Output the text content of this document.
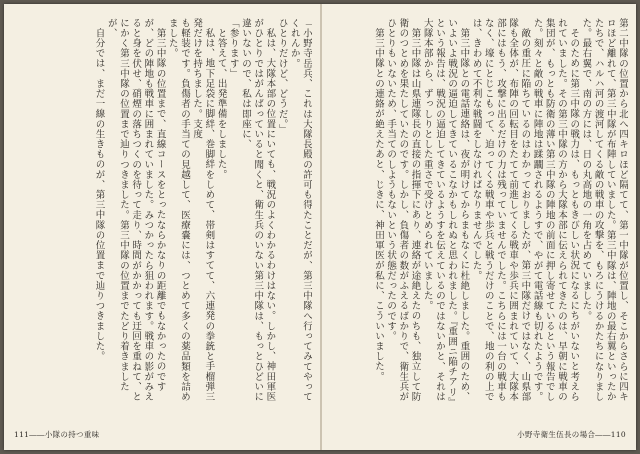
「小野寺岳兵、これは大隊長殿の許可も得たことだが、第三中隊へ行ってみてやってくれんか。

ひとりだけど、どうだ。」

私は、大隊本部の位置にいても、戦況のよくわかるわけはない。しかし、神田軍医がひとりではがんばっていると聞くと、衛生兵のいない第三中隊は、もっとひどいに違いないので、私は即座に、

「参ります」

と答えて、出発準備をしました。

私は、地下足袋に脚絆、巻脚絆をしめて、帯剣はすてて、六連発の拳銃と手榴弾三発だけを持ちました。支度

も軽装です。負傷者の手当ての見越して、医療嚢には、つとめて多くの薬品類を詰めました。

第三中隊の位置まで、直線コースをとったならかなりの距離でもなかったのですが、どの陣地も戦車に囲まれていました。みつかったら狙われます。戦車の影がみえると身を伏せ、硝煙の落ちつくのを待って走り、時間がかかっても迂回を重ねて、とにかく第三中隊の位置まで辿りつきました。第三中隊の位置までたどり着きましたが、

自分では、まだ一線の生きものが、第三中隊の位置まで辿りつきました。

111――小隊の持つ重味

第二中隊の位置から北へ四キロほど隔てて、第一中隊が位置し、そこからさらに四キロほど離れて、第三中隊が布陣していました。第三中隊は、陣地の最右翼といったかたちで、ハルハ河の渡河してくる敵の戦車の攻撃を、もろにうけるかたちになりました。最右翼で、南の方には、日の丸高地の一角を占めていました。

そのために第三中隊の戦力は、もっともきびしい状況になるにちがいないと考えられていました。その第三中隊の方から大隊本部に伝えられてきたのは、早朝に戦車の集団が、もっとも防衛の薄い第三中隊の陣地の前面に押し寄せているという報告でした。刻々と敵の戦車に陣地は蹂躙されるようすで、やがて電話線も切れたようです。

敵の重圧に陥ちているのはわかっておりましたが、第三中隊だけではなく、山県部隊も全体が、布陣の回転目をたてて前進してくる戦車や歩兵に囲まれていて、大隊本部にはもう、攻撃に出るだけの力は残っていませんでした。こちらには一台の戦車もなく、壕にとじこもって、迫ってくる戦車や歩兵と戦うだけのことで、地の利の上では、きわめて不利な戦闘をしなければなりませんでした。

第三中隊との電話連絡は、夜が明けてからまもなくに杜絶しました。重囲のため、いよいよ戦況の逼迫してきているこなかもしれぬと思われました。『重囲ニ陥チアリ』という報告は、戦況の逼迫してきているようすを伝えているのではないかと、それは大隊本部から、ずっしりとした重さで受けとめられていました。

第三中隊は山県連隊長の直接の指揮下にあり、連絡が途絶えたのちも、独立して防衛のつとめを果たしていたのです。しかし、負傷者の数がふえるばかりで、衛生兵がひとりもいないため、手当てのしようもないという状態だったのです。

第三中隊との連絡が絶えたあと、じきに、神田軍医が私に、こういいました。

小野寺衛生伍長の場合――110
